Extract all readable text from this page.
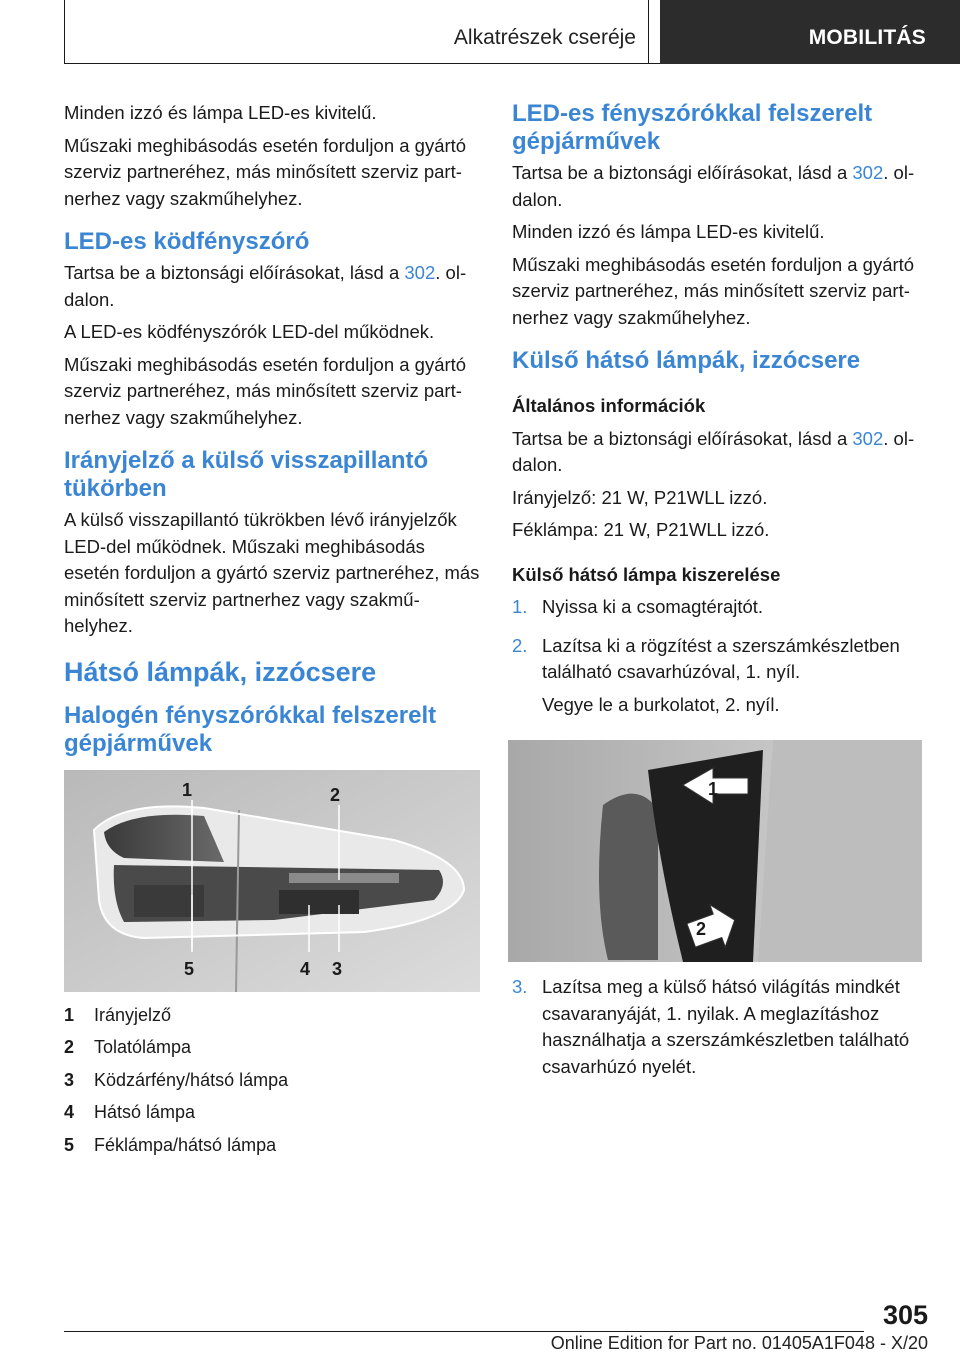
Alkatrészek cseréje	MOBILITÁS

Minden izzó és lámpa LED-es kivitelű.

Műszaki meghibásodás esetén forduljon a gyártó szerviz partneréhez, más minősített szerviz part‐nerhez vagy szakműhelyhez.

LED-es ködfényszóró

Tartsa be a biztonsági előírásokat, lásd a 302. ol‐dalon.

A LED-es ködfényszórók LED-del működnek.

Műszaki meghibásodás esetén forduljon a gyártó szerviz partneréhez, más minősített szerviz part‐nerhez vagy szakműhelyhez.

Irányjelző a külső visszapillantó tükörben

A külső visszapillantó tükrökben lévő irányjelzők LED-del működnek. Műszaki meghibásodás esetén forduljon a gyártó szerviz partneréhez, más minősített szerviz partnerhez vagy szakmű‐helyhez.

Hátsó lámpák, izzócsere
Halogén fényszórókkal felszerelt gépjárművek
1	2
5	4 3
1	Irányjelző
2	Tolatólámpa
3	Ködzárfény/hátsó lámpa
4	Hátsó lámpa
5	Féklámpa/hátsó lámpa
LED-es fényszórókkal felszerelt gépjárművek

Tartsa be a biztonsági előírásokat, lásd a 302. ol‐dalon.

Minden izzó és lámpa LED-es kivitelű.

Műszaki meghibásodás esetén forduljon a gyártó szerviz partneréhez, más minősített szerviz part‐nerhez vagy szakműhelyhez.

Külső hátsó lámpák, izzócsere
Általános információk

Tartsa be a biztonsági előírásokat, lásd a 302. ol‐dalon.

Irányjelző: 21 W, P21WLL izzó.

Féklámpa: 21 W, P21WLL izzó.

Külső hátsó lámpa kiszerelése
1. Nyissa ki a csomagtérajtót.

2. Lazítsa ki a rögzítést a szerszámkészletben található csavarhúzóval, 1. nyíl.

Vegye le a burkolatot, 2. nyíl.

1
2
3. Lazítsa meg a külső hátsó világítás mindkét csavaranyáját, 1. nyilak. A meglazításhoz használhatja a szerszámkészletben található csavarhúzó nyelét.

305
Online Edition for Part no. 01405A1F048 - X/20
